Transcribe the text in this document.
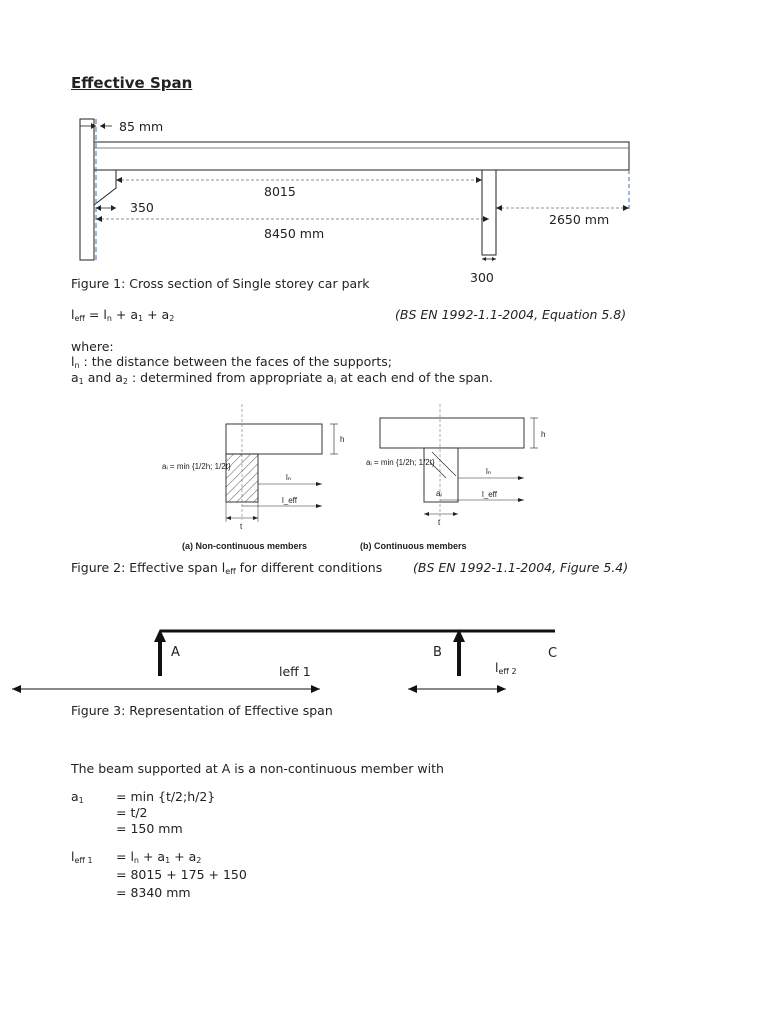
Effective Span
85 mm
8015
350
8450 mm
2650 mm
300
Figure 1: Cross section of Single storey car park
$l_{eff} = l_n + a_1 + a_2$	(BS EN 1992-1.1-2004, Equation 5.8)
where:
$l_n$ : the distance between the faces of the supports;
$a_1$ and $a_2$ : determined from appropriate $a_i$ at each end of the span.
h
aᵢ = min {1/2h; 1/2t}
lₙ
l_eff
t
h
aᵢ = min {1/2h; 1/2t}
lₙ
l_eff
aᵢ
t
(a) Non-continuous members	(b) Continuous members
Figure 2: Effective span $l_{eff}$ for different conditions (BS EN 1992-1.1-2004, Figure 5.4)
A	B	C
leff 1	$l_{eff 2}$
Figure 3: Representation of Effective span
The beam supported at A is a non-continuous member with
$a_1$	= min {t/2;h/2}
= t/2
= 150 mm
$l_{eff 1} = l_n + a_1 + a_2$
= 8015 + 175 + 150
= 8340 mm
